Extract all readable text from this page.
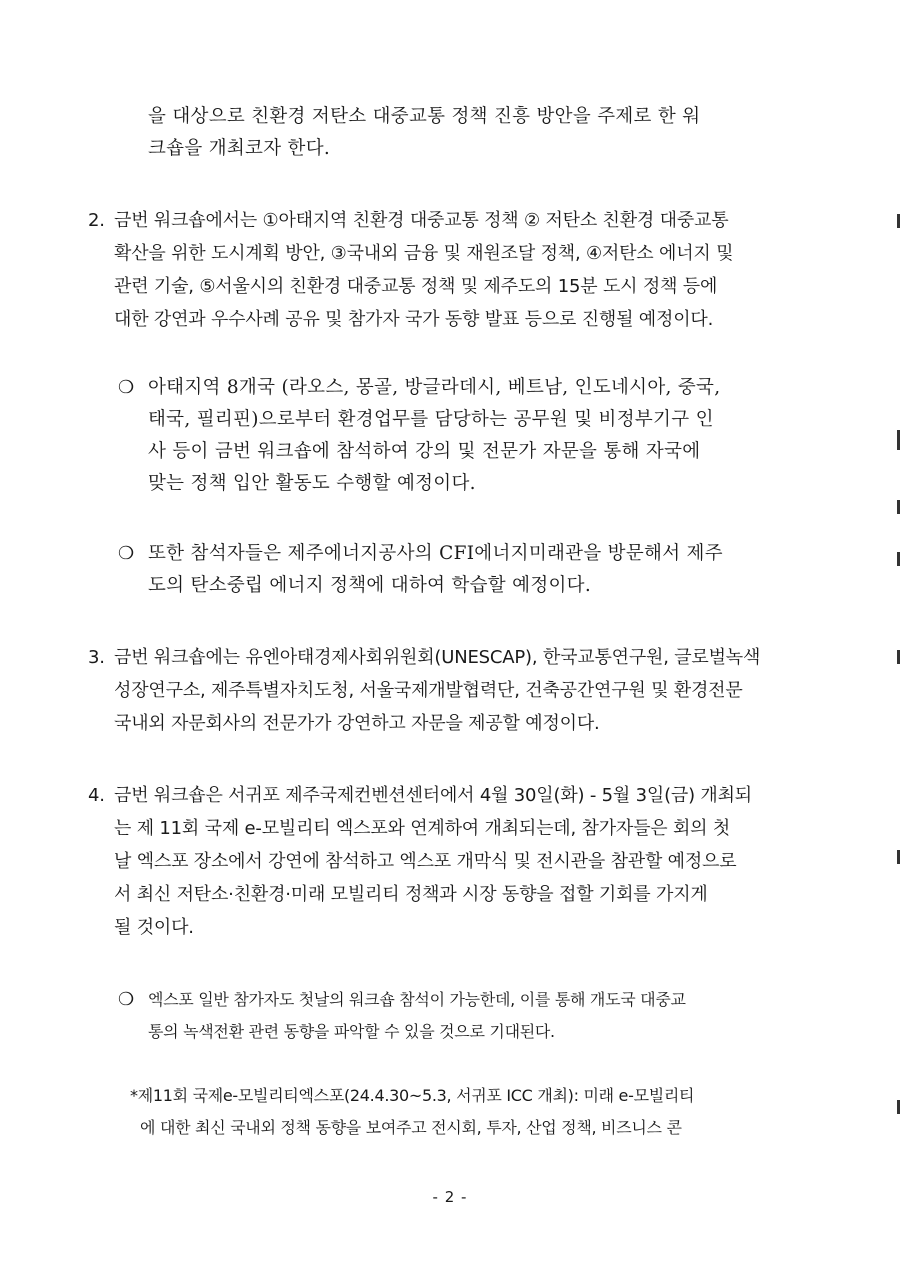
을 대상으로 친환경 저탄소 대중교통 정책 진흥 방안을 주제로 한 워
크숍을 개최코자 한다.
2. 금번 워크숍에서는 ①아태지역 친환경 대중교통 정책 ② 저탄소 친환경 대중교통
확산을 위한 도시계획 방안, ③국내외 금융 및 재원조달 정책, ④저탄소 에너지 및
관련 기술, ⑤서울시의 친환경 대중교통 정책 및 제주도의 15분 도시 정책 등에
대한 강연과 우수사례 공유 및 참가자 국가 동향 발표 등으로 진행될 예정이다.
❍ 아태지역 8개국 (라오스, 몽골, 방글라데시, 베트남, 인도네시아, 중국,
태국, 필리핀)으로부터 환경업무를 담당하는 공무원 및 비정부기구 인
사 등이 금번 워크숍에 참석하여 강의 및 전문가 자문을 통해 자국에
맞는 정책 입안 활동도 수행할 예정이다.
❍ 또한 참석자들은 제주에너지공사의 CFI에너지미래관을 방문해서 제주
도의 탄소중립 에너지 정책에 대하여 학습할 예정이다.
3. 금번 워크숍에는 유엔아태경제사회위원회(UNESCAP), 한국교통연구원, 글로벌녹색
성장연구소, 제주특별자치도청, 서울국제개발협력단, 건축공간연구원 및 환경전문
국내외 자문회사의 전문가가 강연하고 자문을 제공할 예정이다.
4. 금번 워크숍은 서귀포 제주국제컨벤션센터에서 4월 30일(화) - 5월 3일(금) 개최되
는 제 11회 국제 e-모빌리티 엑스포와 연계하여 개최되는데, 참가자들은 회의 첫
날 엑스포 장소에서 강연에 참석하고 엑스포 개막식 및 전시관을 참관할 예정으로
서 최신 저탄소·친환경·미래 모빌리티 정책과 시장 동향을 접할 기회를 가지게
될 것이다.
❍ 엑스포 일반 참가자도 첫날의 워크숍 참석이 가능한데, 이를 통해 개도국 대중교
통의 녹색전환 관련 동향을 파악할 수 있을 것으로 기대된다.
*제11회 국제e-모빌리티엑스포(24.4.30~5.3, 서귀포 ICC 개최): 미래 e-모빌리티
에 대한 최신 국내외 정책 동향을 보여주고 전시회, 투자, 산업 정책, 비즈니스 콘
- 2 -
